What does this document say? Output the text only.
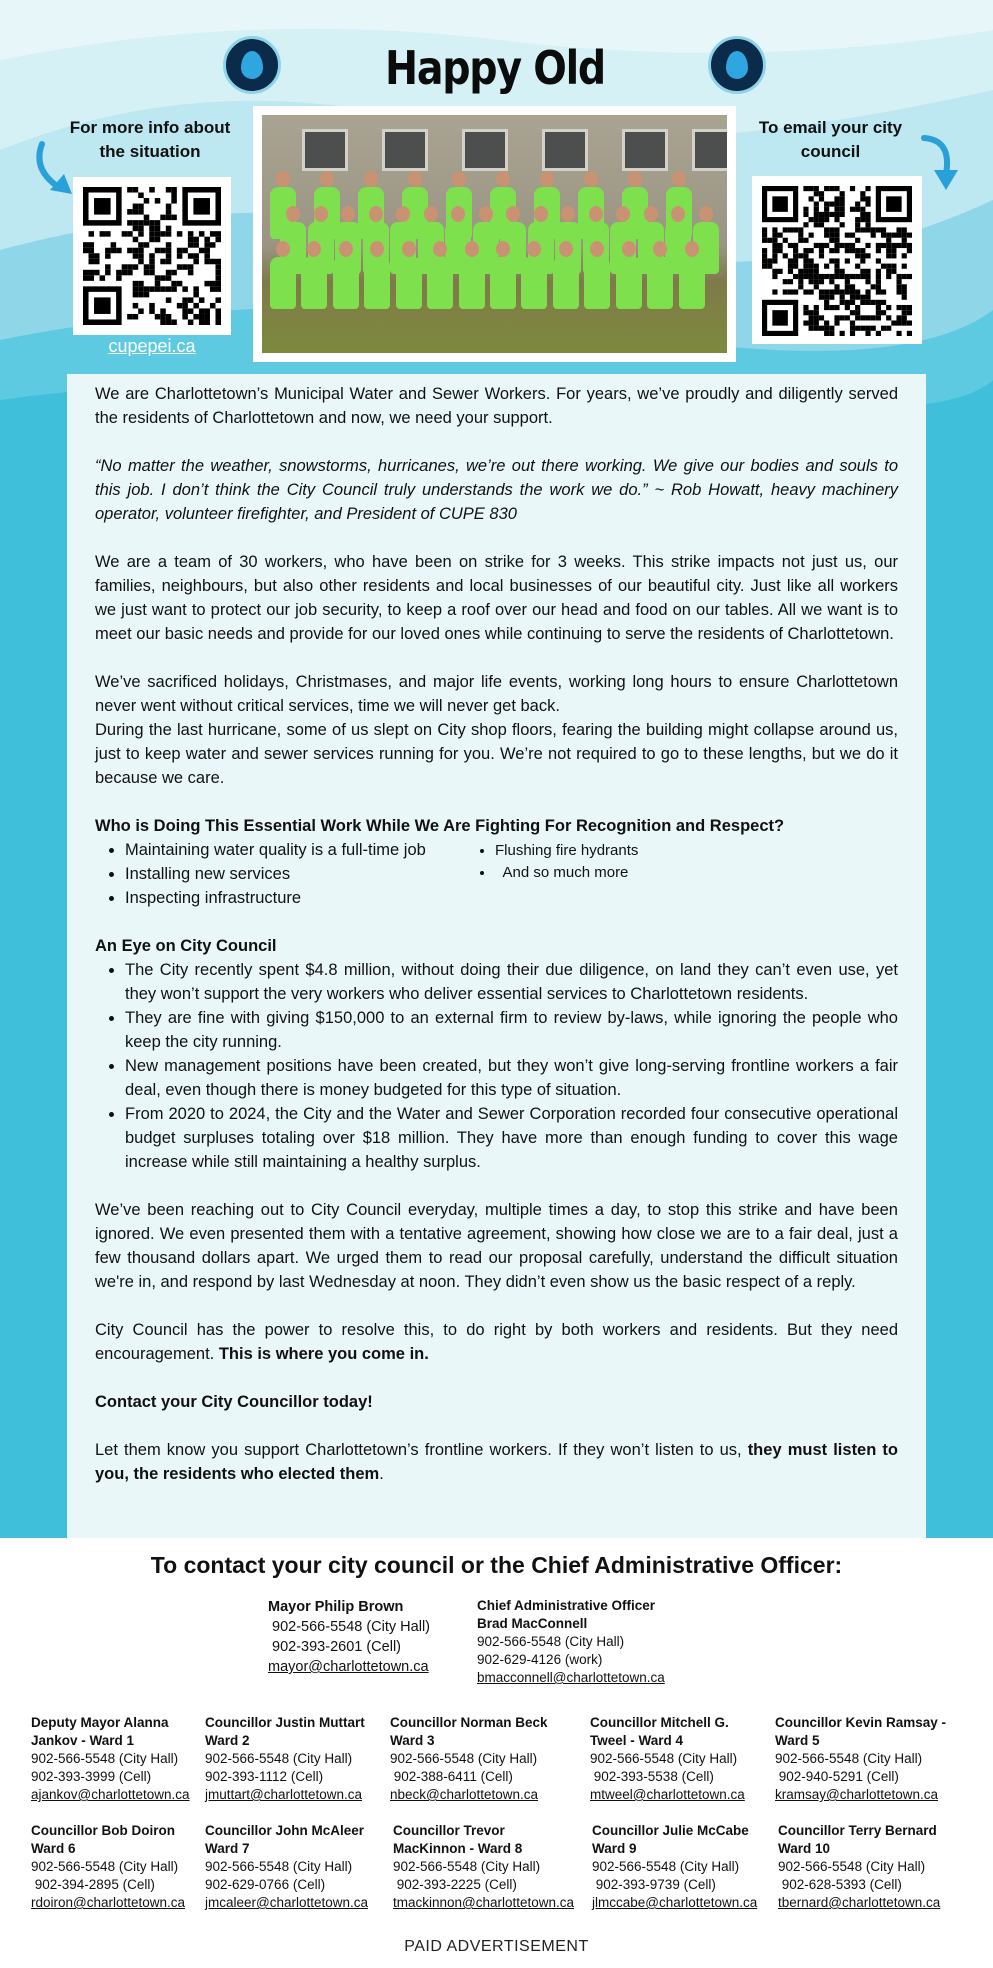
Happy Old
For more info about the situation
To email your city council
cupepei.ca

We are Charlottetown’s Municipal Water and Sewer Workers. For years, we’ve proudly and diligently served the residents of Charlottetown and now, we need your support.

“No matter the weather, snowstorms, hurricanes, we’re out there working. We give our bodies and souls to this job. I don’t think the City Council truly understands the work we do.” ~ Rob Howatt, heavy machinery operator, volunteer firefighter, and President of CUPE 830

We are a team of 30 workers, who have been on strike for 3 weeks. This strike impacts not just us, our families, neighbours, but also other residents and local businesses of our beautiful city. Just like all workers we just want to protect our job security, to keep a roof over our head and food on our tables. All we want is to meet our basic needs and provide for our loved ones while continuing to serve the residents of Charlottetown.

We’ve sacrificed holidays, Christmases, and major life events, working long hours to ensure Charlottetown never went without critical services, time we will never get back.

During the last hurricane, some of us slept on City shop floors, fearing the building might collapse around us, just to keep water and sewer services running for you. We’re not required to go to these lengths, but we do it because we care.

Who is Doing This Essential Work While We Are Fighting For Recognition and Respect?

• Maintaining water quality is a full-time job
• Installing new services
• Inspecting infrastructure
• Flushing fire hydrants
• And so much more

An Eye on City Council

• The City recently spent $4.8 million, without doing their due diligence, on land they can’t even use, yet they won’t support the very workers who deliver essential services to Charlottetown residents.
• They are fine with giving $150,000 to an external firm to review by-laws, while ignoring the people who keep the city running.
• New management positions have been created, but they won’t give long-serving frontline workers a fair deal, even though there is money budgeted for this type of situation.
• From 2020 to 2024, the City and the Water and Sewer Corporation recorded four consecutive operational budget surpluses totaling over $18 million. They have more than enough funding to cover this wage increase while still maintaining a healthy surplus.

We’ve been reaching out to City Council everyday, multiple times a day, to stop this strike and have been ignored. We even presented them with a tentative agreement, showing how close we are to a fair deal, just a few thousand dollars apart. We urged them to read our proposal carefully, understand the difficult situation we're in, and respond by last Wednesday at noon. They didn’t even show us the basic respect of a reply.

City Council has the power to resolve this, to do right by both workers and residents. But they need encouragement. This is where you come in.

Contact your City Councillor today!

Let them know you support Charlottetown’s frontline workers. If they won’t listen to us, they must listen to you, the residents who elected them.

To contact your city council or the Chief Administrative Officer:
Mayor Philip Brown
902-566-5548 (City Hall)
902-393-2601 (Cell)
mayor@charlottetown.ca
Chief Administrative Officer
Brad MacConnell
902-566-5548 (City Hall)
902-629-4126 (work)
bmacconnell@charlottetown.ca
Deputy Mayor Alanna
Jankov - Ward 1
902-566-5548 (City Hall)
902-393-3999 (Cell)
ajankov@charlottetown.ca
Councillor Justin Muttart
Ward 2
902-566-5548 (City Hall)
902-393-1112 (Cell)
jmuttart@charlottetown.ca
Councillor Norman Beck
Ward 3
902-566-5548 (City Hall)
902-388-6411 (Cell)
nbeck@charlottetown.ca
Councillor Mitchell G.
Tweel - Ward 4
902-566-5548 (City Hall)
902-393-5538 (Cell)
mtweel@charlottetown.ca
Councillor Kevin Ramsay -
Ward 5
902-566-5548 (City Hall)
902-940-5291 (Cell)
kramsay@charlottetown.ca
Councillor Bob Doiron
Ward 6
902-566-5548 (City Hall)
902-394-2895 (Cell)
rdoiron@charlottetown.ca
Councillor John McAleer
Ward 7
902-566-5548 (City Hall)
902-629-0766 (Cell)
jmcaleer@charlottetown.ca
Councillor Trevor
MacKinnon - Ward 8
902-566-5548 (City Hall)
902-393-2225 (Cell)
tmackinnon@charlottetown.ca
Councillor Julie McCabe
Ward 9
902-566-5548 (City Hall)
902-393-9739 (Cell)
jlmccabe@charlottetown.ca
Councillor Terry Bernard
Ward 10
902-566-5548 (City Hall)
902-628-5393 (Cell)
tbernard@charlottetown.ca
PAID ADVERTISEMENT
